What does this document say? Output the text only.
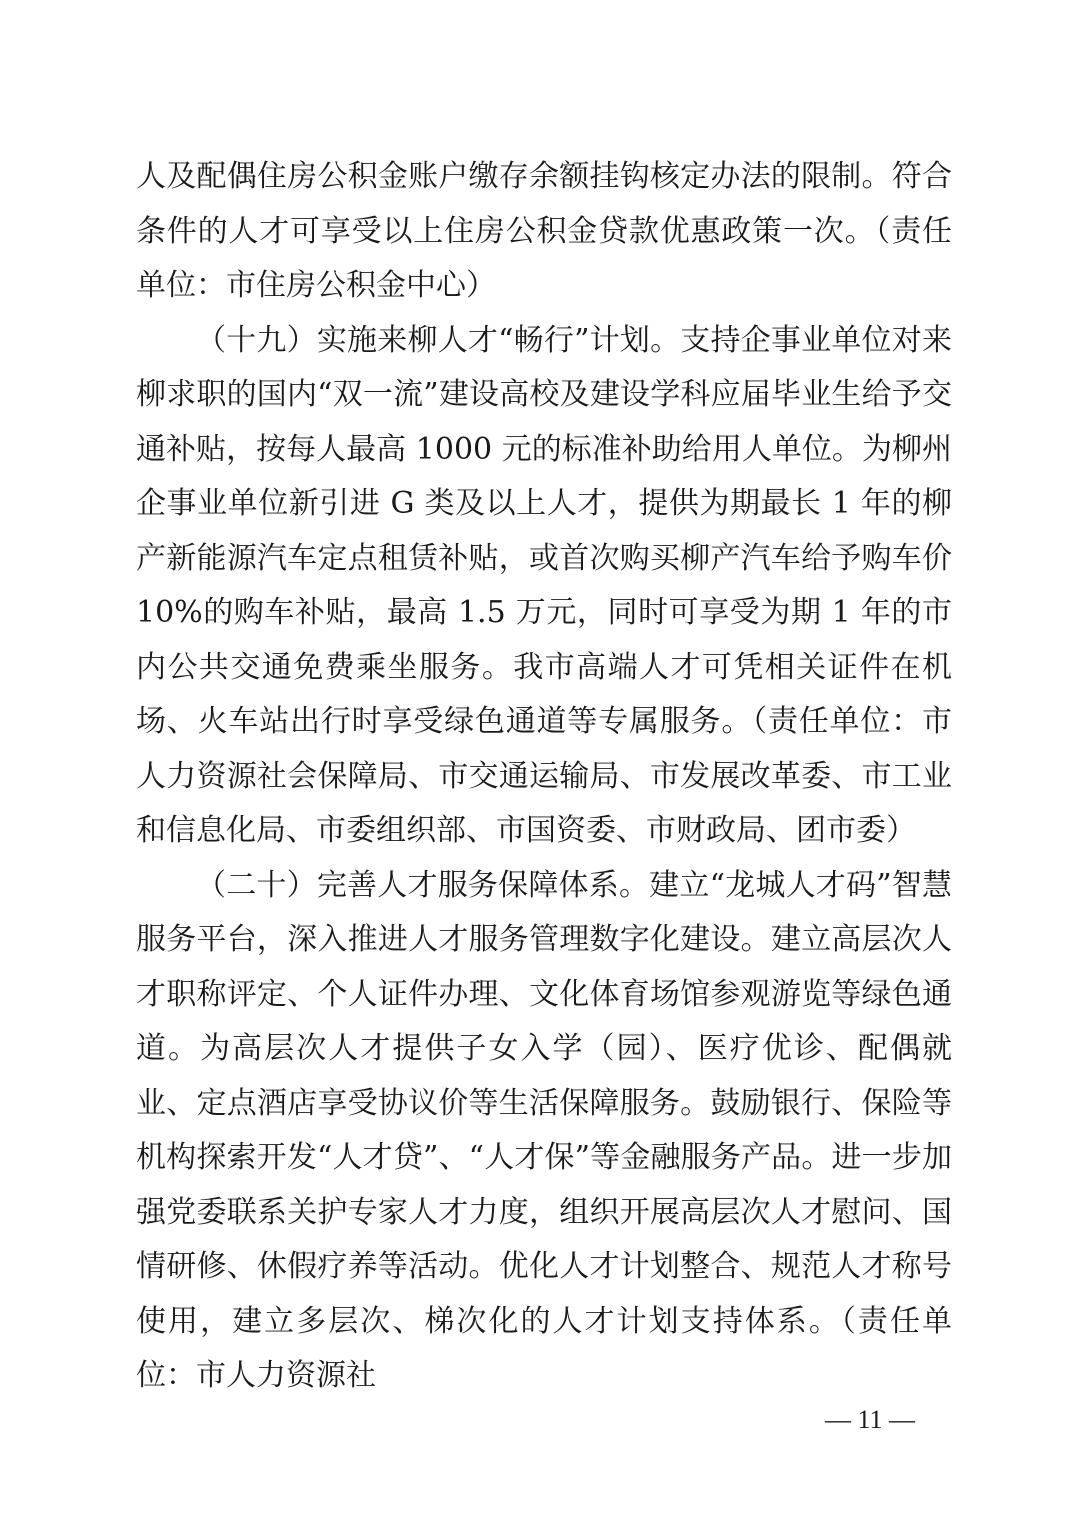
人及配偶住房公积金账户缴存余额挂钩核定办法的限制。符合条件的人才可享受以上住房公积金贷款优惠政策一次。（责任单位：市住房公积金中心）

（十九）实施来柳人才“畅行”计划。支持企事业单位对来柳求职的国内“双一流”建设高校及建设学科应届毕业生给予交通补贴，按每人最高 1000 元的标准补助给用人单位。为柳州企事业单位新引进 G 类及以上人才，提供为期最长 1 年的柳产新能源汽车定点租赁补贴，或首次购买柳产汽车给予购车价 10%的购车补贴，最高 1.5 万元，同时可享受为期 1 年的市内公共交通免费乘坐服务。我市高端人才可凭相关证件在机场、火车站出行时享受绿色通道等专属服务。（责任单位：市人力资源社会保障局、市交通运输局、市发展改革委、市工业和信息化局、市委组织部、市国资委、市财政局、团市委）

（二十）完善人才服务保障体系。建立“龙城人才码”智慧服务平台，深入推进人才服务管理数字化建设。建立高层次人才职称评定、个人证件办理、文化体育场馆参观游览等绿色通道。为高层次人才提供子女入学（园）、医疗优诊、配偶就业、定点酒店享受协议价等生活保障服务。鼓励银行、保险等机构探索开发“人才贷”、“人才保”等金融服务产品。进一步加强党委联系关护专家人才力度，组织开展高层次人才慰问、国情研修、休假疗养等活动。优化人才计划整合、规范人才称号使用，建立多层次、梯次化的人才计划支持体系。（责任单位：市人力资源社

— 11 —
